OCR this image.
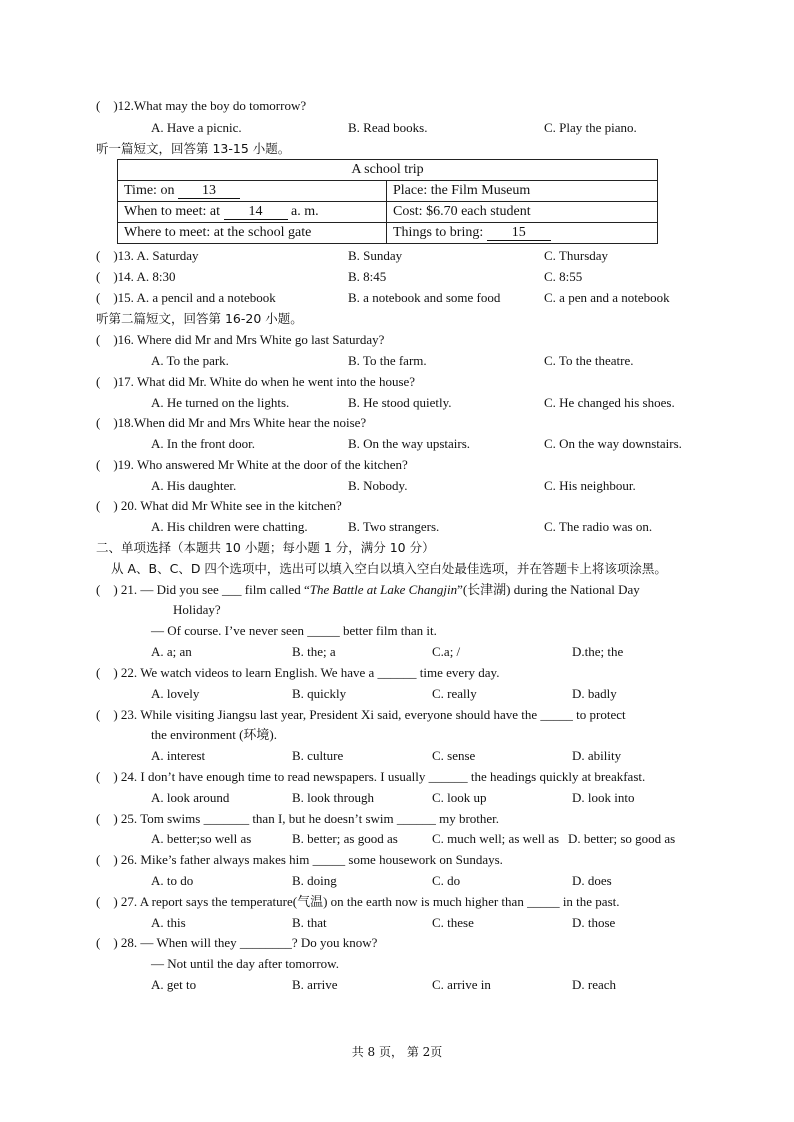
( )12.What may the boy do tomorrow?
A. Have a picnic.	B. Read books.	C. Play the piano.
听一篇短文，回答第 13-15 小题。
A school trip	
Time: on 13	Place: the Film Museum
When to meet: at 14 a. m.	Cost: $6.70 each student
Where to meet: at the school gate	Things to bring: 15
( )13. A. Saturday	B. Sunday	C. Thursday
( )14. A. 8:30	B. 8:45	C. 8:55
( )15. A. a pencil and a notebook	B. a notebook and some food	C. a pen and a notebook
听第二篇短文，回答第 16-20 小题。
( )16. Where did Mr and Mrs White go last Saturday?
A. To the park.	B. To the farm.	C. To the theatre.
( )17. What did Mr. White do when he went into the house?
A. He turned on the lights.	B. He stood quietly.	C. He changed his shoes.
( )18.When did Mr and Mrs White hear the noise?
A. In the front door.	B. On the way upstairs.	C. On the way downstairs.
( )19. Who answered Mr White at the door of the kitchen?
A. His daughter.	B. Nobody.	C. His neighbour.
( ) 20. What did Mr White see in the kitchen?
A. His children were chatting.	B. Two strangers.	C. The radio was on.
二、单项选择（本题共 10 小题；每小题 1 分，满分 10 分）
从 A、B、C、D 四个选项中，选出可以填入空白以填入空白处最佳选项，并在答题卡上将该项涂黑。
( ) 21. — Did you see ___ film called “The Battle at Lake Changjin”(长津湖) during the National Day
Holiday?
— Of course. I’ve never seen _____ better film than it.
A. a; an	B. the; a	C.a; /	D.the; the
( ) 22. We watch videos to learn English. We have a ______ time every day.
A. lovely	B. quickly	C. really	D. badly
( ) 23. While visiting Jiangsu last year, President Xi said, everyone should have the _____ to protect
the environment (环境).
A. interest	B. culture	C. sense	D. ability
( ) 24. I don’t have enough time to read newspapers. I usually ______ the headings quickly at breakfast.
A. look around	B. look through	C. look up	D. look into
( ) 25. Tom swims _______ than I, but he doesn’t swim ______ my brother.
A. better;so well as	B. better; as good as	C. much well; as well as D. better; so good as
( ) 26. Mike’s father always makes him _____ some housework on Sundays.
A. to do	B. doing	C. do	D. does
( ) 27. A report says the temperature(气温) on the earth now is much higher than _____ in the past.
A. this	B. that	C. these	D. those
( ) 28. — When will they ________? Do you know?
— Not until the day after tomorrow.
A. get to	B. arrive	C. arrive in	D. reach
共 8 页， 第 2页
